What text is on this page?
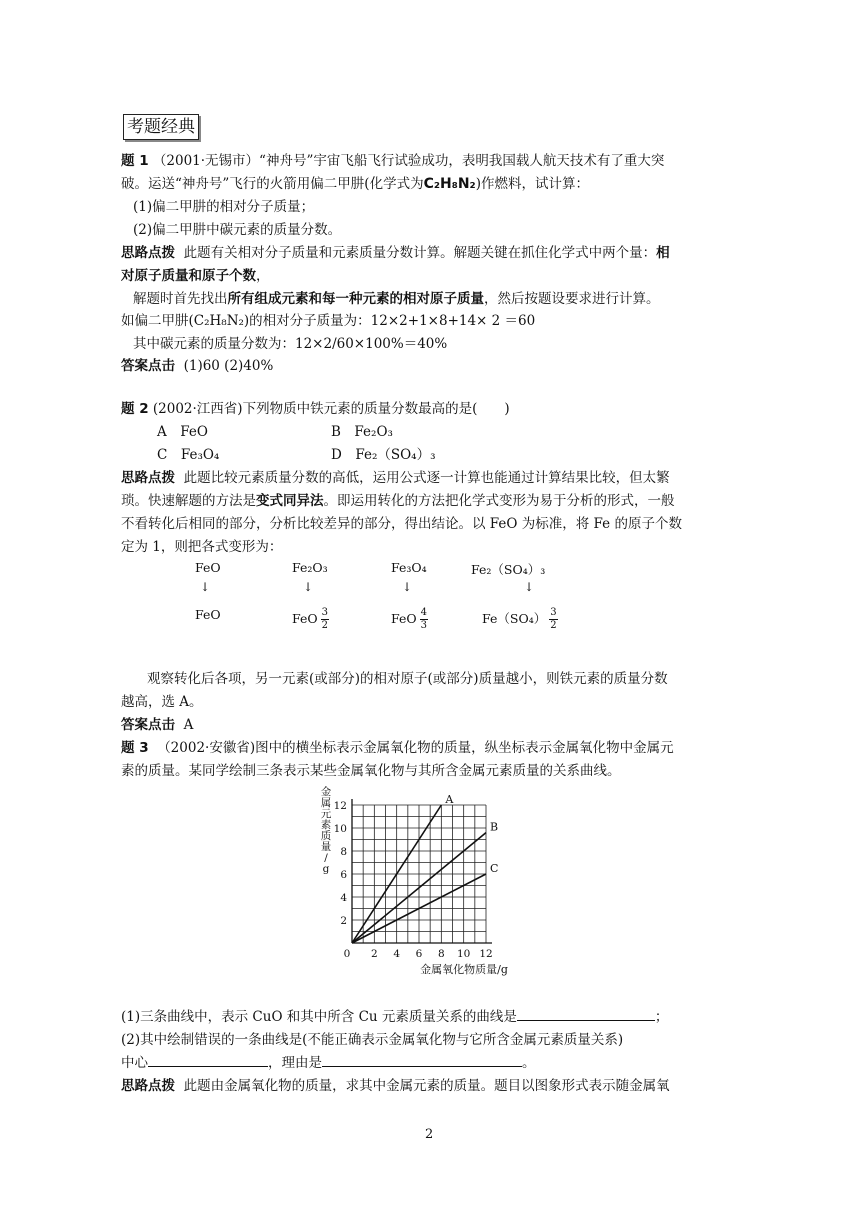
考题经典
题 1 （2001·无锡市）“神舟号”宇宙飞船飞行试验成功，表明我国载人航天技术有了重大突
破。运送“神舟号”飞行的火箭用偏二甲肼(化学式为C₂H₈N₂)作燃料，试计算：
(1)偏二甲肼的相对分子质量；
(2)偏二甲肼中碳元素的质量分数。
思路点拨 此题有关相对分子质量和元素质量分数计算。解题关键在抓住化学式中两个量：相
对原子质量和原子个数，
解题时首先找出所有组成元素和每一种元素的相对原子质量，然后按题设要求进行计算。
如偏二甲肼(C₂H₈N₂)的相对分子质量为：12×2+1×8+14× 2 ＝60
其中碳元素的质量分数为：12×2/60×100%＝40%
答案点击 (1)60 (2)40%
题 2 (2002·江西省)下列物质中铁元素的质量分数最高的是(　　)
A　FeO	B　Fe₂O₃
C　Fe₃O₄	D　Fe₂（SO₄）₃
思路点拨 此题比较元素质量分数的高低，运用公式逐一计算也能通过计算结果比较，但太繁
琐。快速解题的方法是变式同异法。即运用转化的方法把化学式变形为易于分析的形式，一般
不看转化后相同的部分，分析比较差异的部分，得出结论。以 FeO 为标准，将 Fe 的原子个数
定为 1，则把各式变形为：
FeO	Fe₂O₃	Fe₃O₄	Fe₂（SO₄）₃
↓	↓	↓	↓
FeO	FeO $\frac{3}{2}$	FeO $\frac{4}{3}$	$Fe(SO_4) \frac{3}{2}$
观察转化后各项，另一元素(或部分)的相对原子(或部分)质量越小，则铁元素的质量分数
越高，选 A。
答案点击 A
题 3 （2002·安徽省)图中的横坐标表示金属氧化物的质量，纵坐标表示金属氧化物中金属元
素的质量。某同学绘制三条表示某些金属氧化物与其所含金属元素质量的关系曲线。
0 2 4 6 8 10 12
2
4
6
8
10
12	A
B
C
金属元素质量/ g
金属氧化物质量/g
(1)三条曲线中，表示 CuO 和其中所含 Cu 元素质量关系的曲线是	；
(2)其中绘制错误的一条曲线是(不能正确表示金属氧化物与它所含金属元素质量关系)
中心	，理由是	。
思路点拨 此题由金属氧化物的质量，求其中金属元素的质量。题目以图象形式表示随金属氧
2
